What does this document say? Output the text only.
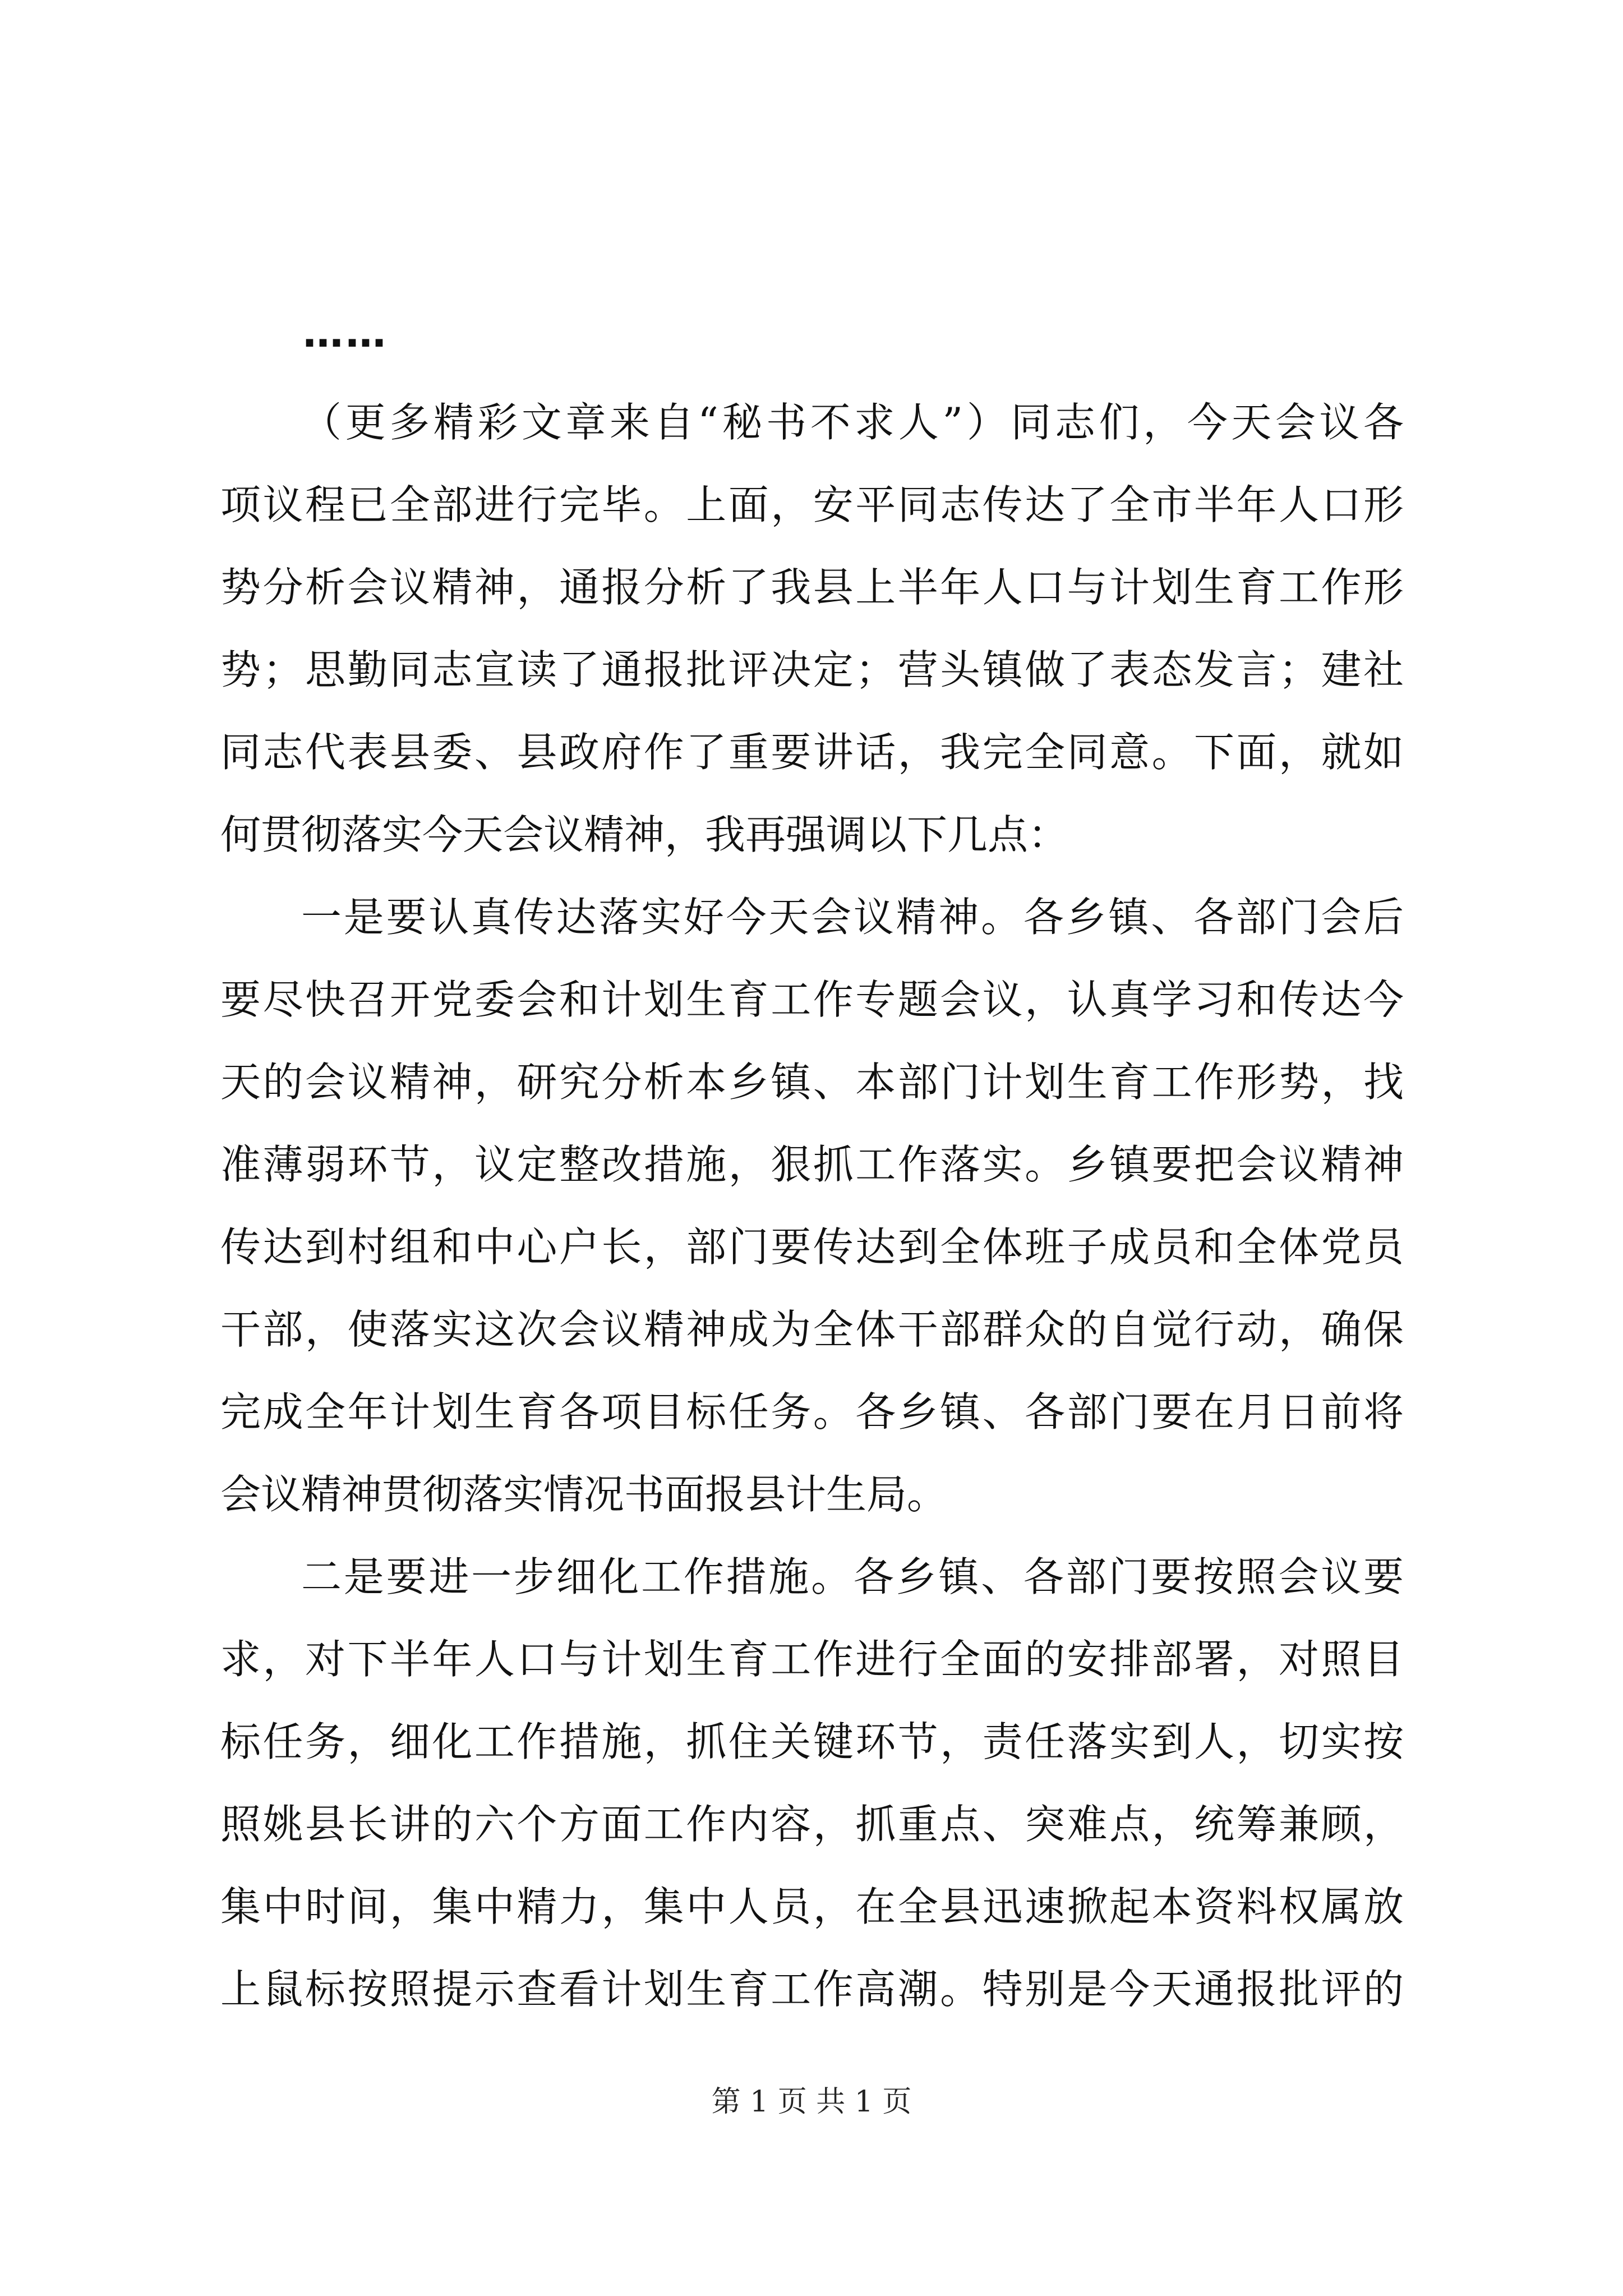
……
（更多精彩文章来自“秘书不求人”）同志们，今天会议各
项议程已全部进行完毕。上面，安平同志传达了全市半年人口形
势分析会议精神，通报分析了我县上半年人口与计划生育工作形
势；思勤同志宣读了通报批评决定；营头镇做了表态发言；建社
同志代表县委、县政府作了重要讲话，我完全同意。下面，就如
何贯彻落实今天会议精神，我再强调以下几点：
一是要认真传达落实好今天会议精神。各乡镇、各部门会后
要尽快召开党委会和计划生育工作专题会议，认真学习和传达今
天的会议精神，研究分析本乡镇、本部门计划生育工作形势，找
准薄弱环节，议定整改措施，狠抓工作落实。乡镇要把会议精神
传达到村组和中心户长，部门要传达到全体班子成员和全体党员
干部，使落实这次会议精神成为全体干部群众的自觉行动，确保
完成全年计划生育各项目标任务。各乡镇、各部门要在月日前将
会议精神贯彻落实情况书面报县计生局。
二是要进一步细化工作措施。各乡镇、各部门要按照会议要
求，对下半年人口与计划生育工作进行全面的安排部署，对照目
标任务，细化工作措施，抓住关键环节，责任落实到人，切实按
照姚县长讲的六个方面工作内容，抓重点、突难点，统筹兼顾，
集中时间，集中精力，集中人员，在全县迅速掀起本资料权属放
上鼠标按照提示查看计划生育工作高潮。特别是今天通报批评的
第 1 页 共 1 页
